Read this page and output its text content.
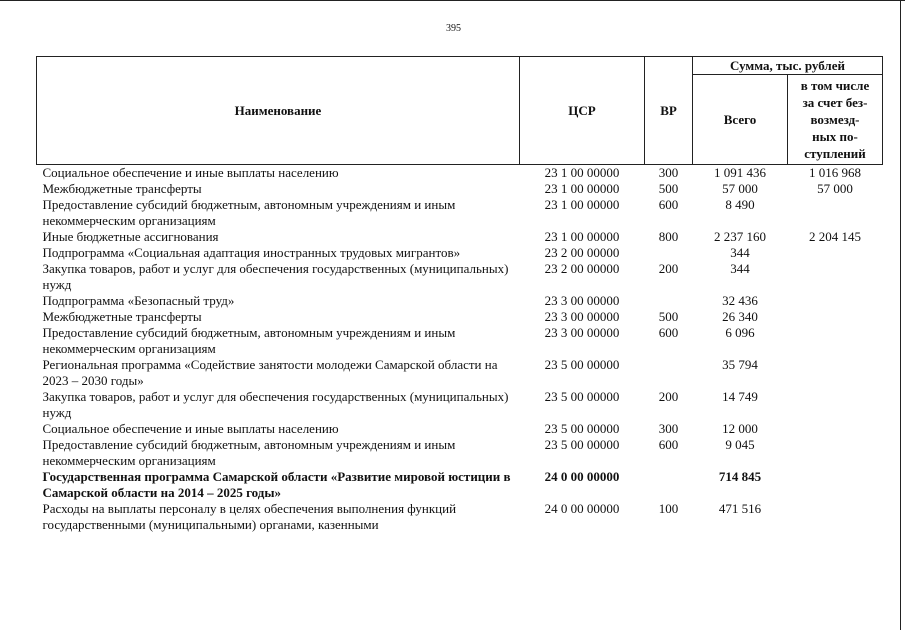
395
Наименование	ЦСР	ВР	Сумма, тыс. рублей	
			Всего	в том числе
за счет без-
возмезд-
ных по-
ступлений

Социальное обеспечение и иные выплаты населению	23 1 00 00000	300	1 091 436	1 016 968
Межбюджетные трансферты	23 1 00 00000	500	57 000	57 000
Предоставление субсидий бюджетным, автономным учреждениям и иным некоммерческим организациям	23 1 00 00000	600	8 490	
Иные бюджетные ассигнования	23 1 00 00000	800	2 237 160	2 204 145
Подпрограмма «Социальная адаптация иностранных трудовых мигрантов»	23 2 00 00000		344	
Закупка товаров, работ и услуг для обеспечения государственных (муниципальных) нужд	23 2 00 00000	200	344	
Подпрограмма «Безопасный труд»	23 3 00 00000		32 436	
Межбюджетные трансферты	23 3 00 00000	500	26 340	
Предоставление субсидий бюджетным, автономным учреждениям и иным некоммерческим организациям	23 3 00 00000	600	6 096	
Региональная программа «Содействие занятости молодежи Самарской области на 2023 – 2030 годы»	23 5 00 00000		35 794	
Закупка товаров, работ и услуг для обеспечения государственных (муниципальных) нужд	23 5 00 00000	200	14 749	
Социальное обеспечение и иные выплаты населению	23 5 00 00000	300	12 000	
Предоставление субсидий бюджетным, автономным учреждениям и иным некоммерческим организациям	23 5 00 00000	600	9 045	
Государственная программа Самарской области «Развитие мировой юстиции в Самарской области на 2014 – 2025 годы»	24 0 00 00000		714 845	
Расходы на выплаты персоналу в целях обеспечения выполнения функций государственными (муниципальными) органами, казенными	24 0 00 00000	100	471 516	
